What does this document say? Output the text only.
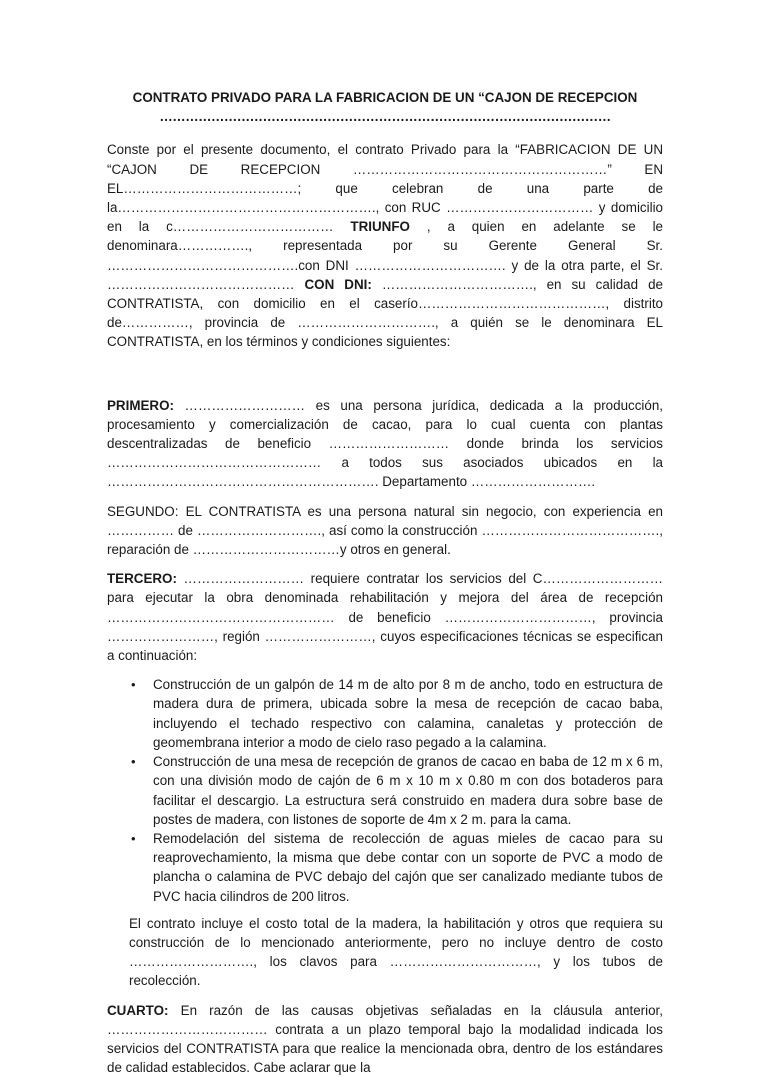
CONTRATO PRIVADO PARA LA FABRICACION DE UN “CAJON DE RECEPCION

……………………………………………………………………………………………

Conste por el presente documento, el contrato Privado para la “FABRICACION DE UN “CAJON DE RECEPCION …………………………………………………” EN EL…………………………………; que celebran de una parte de la…………………………………………………., con RUC …………………………… y domicilio en la c……………………………… TRIUNFO , a quien en adelante se le denominara……………., representada por su Gerente General Sr. …………………………………….con DNI ……………………………. y de la otra parte, el Sr. …………………………………… CON DNI: ……………………………., en su calidad de CONTRATISTA, con domicilio en el caserío……………………………………, distrito de……………, provincia de …………………………., a quién se le denominara EL CONTRATISTA, en los términos y condiciones siguientes:

PRIMERO: ……………………… es una persona jurídica, dedicada a la producción, procesamiento y comercialización de cacao, para lo cual cuenta con plantas descentralizadas de beneficio ……………………… donde brinda los servicios ………………………………………… a todos sus asociados ubicados en la ……………………………………………………. Departamento ……………………….

SEGUNDO: EL CONTRATISTA es una persona natural sin negocio, con experiencia en …………… de ………………………., así como la construcción …………………………………., reparación de ……………………………y otros en general.

TERCERO: ……………………… requiere contratar los servicios del C……………………… para ejecutar la obra denominada rehabilitación y mejora del área de recepción …………………………………………… de beneficio ……………………………, provincia ……………………, región ……………………, cuyos especificaciones técnicas se especifican a continuación:

• Construcción de un galpón de 14 m de alto por 8 m de ancho, todo en estructura de madera dura de primera, ubicada sobre la mesa de recepción de cacao baba, incluyendo el techado respectivo con calamina, canaletas y protección de geomembrana interior a modo de cielo raso pegado a la calamina.
• Construcción de una mesa de recepción de granos de cacao en baba de 12 m x 6 m, con una división modo de cajón de 6 m x 10 m x 0.80 m con dos botaderos para facilitar el descargio. La estructura será construido en madera dura sobre base de postes de madera, con listones de soporte de 4m x 2 m. para la cama.
• Remodelación del sistema de recolección de aguas mieles de cacao para su reaprovechamiento, la misma que debe contar con un soporte de PVC a modo de plancha o calamina de PVC debajo del cajón que ser canalizado mediante tubos de PVC hacia cilindros de 200 litros.

El contrato incluye el costo total de la madera, la habilitación y otros que requiera su construcción de lo mencionado anteriormente, pero no incluye dentro de costo ………………………., los clavos para ……………………………, y los tubos de recolección.

CUARTO: En razón de las causas objetivas señaladas en la cláusula anterior, ……………………………… contrata a un plazo temporal bajo la modalidad indicada los servicios del CONTRATISTA para que realice la mencionada obra, dentro de los estándares de calidad establecidos. Cabe aclarar que la
